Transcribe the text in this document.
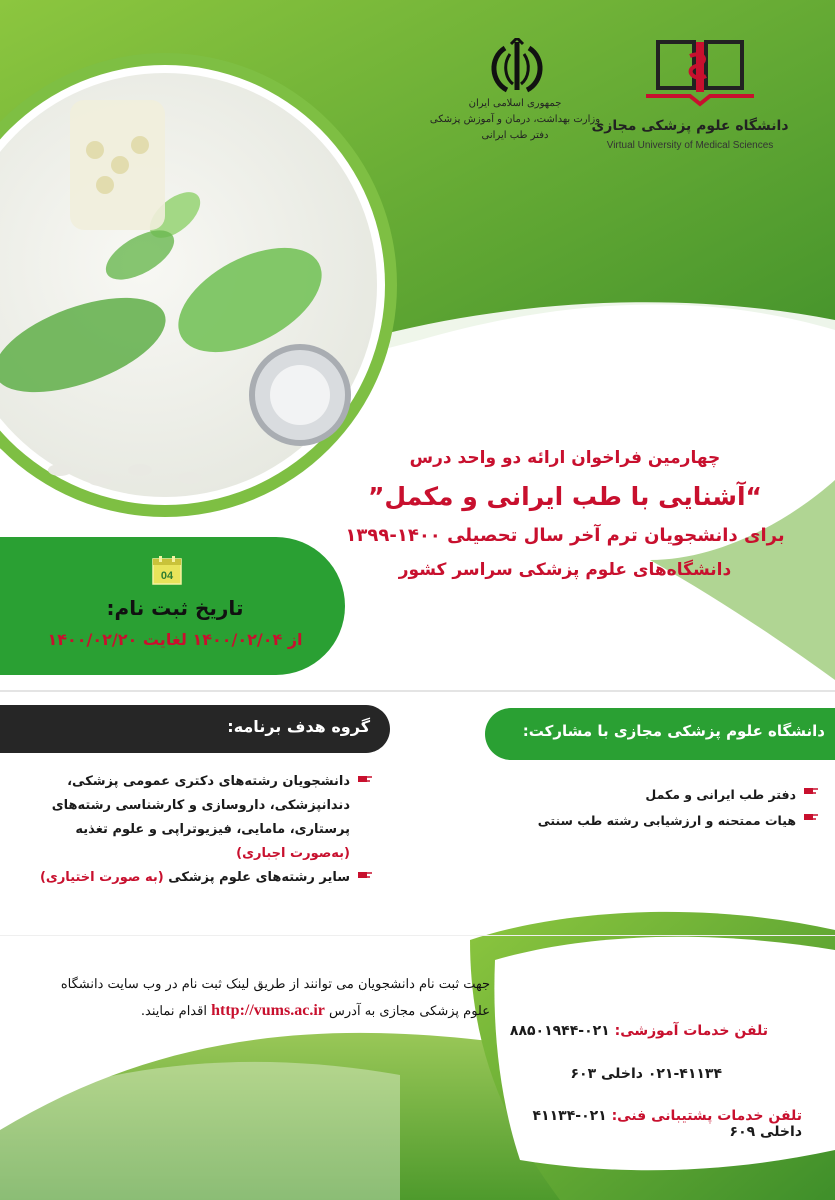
دانشگاه علوم پزشکی مجازی
Virtual University of Medical Sciences
جمهوری اسلامی ایران
وزارت بهداشت، درمان و آموزش پزشکی
دفتر طب ایرانی
چهارمین فراخوان ارائه دو واحد درس
“آشنایی با طب ایرانی و مکمل”
برای دانشجویان ترم آخر سال تحصیلی ۱۴۰۰-۱۳۹۹
دانشگاه‌های علوم پزشکی سراسر کشور
04
تاریخ ثبت نام:
از ۱۴۰۰/۰۲/۰۴ لغایت ۱۴۰۰/۰۲/۲۰
گروه هدف برنامه:
دانشجویان رشته‌های دکتری عمومی پزشکی، دندانپزشکی، داروسازی و کارشناسی رشته‌های پرستاری، مامایی، فیزیوتراپی و علوم تغذیه (به‌صورت اجباری)
سایر رشته‌های علوم پزشکی (به صورت اختیاری)
دانشگاه علوم پزشکی مجازی با مشارکت:
دفتر طب ایرانی و مکمل
هیات ممتحنه و ارزشیابی رشته طب سنتی
جهت ثبت نام دانشجویان می توانند از طریق لینک ثبت نام در وب سایت دانشگاه علوم پزشکی مجازی به آدرس http://vums.ac.ir اقدام نمایند.
تلفن خدمات آموزشی: ۰۲۱-۸۸۵۰۱۹۴۴
۰۲۱-۴۱۱۳۴ داخلی ۶۰۳
تلفن خدمات پشتیبانی فنی: ۰۲۱-۴۱۱۳۴ داخلی ۶۰۹
